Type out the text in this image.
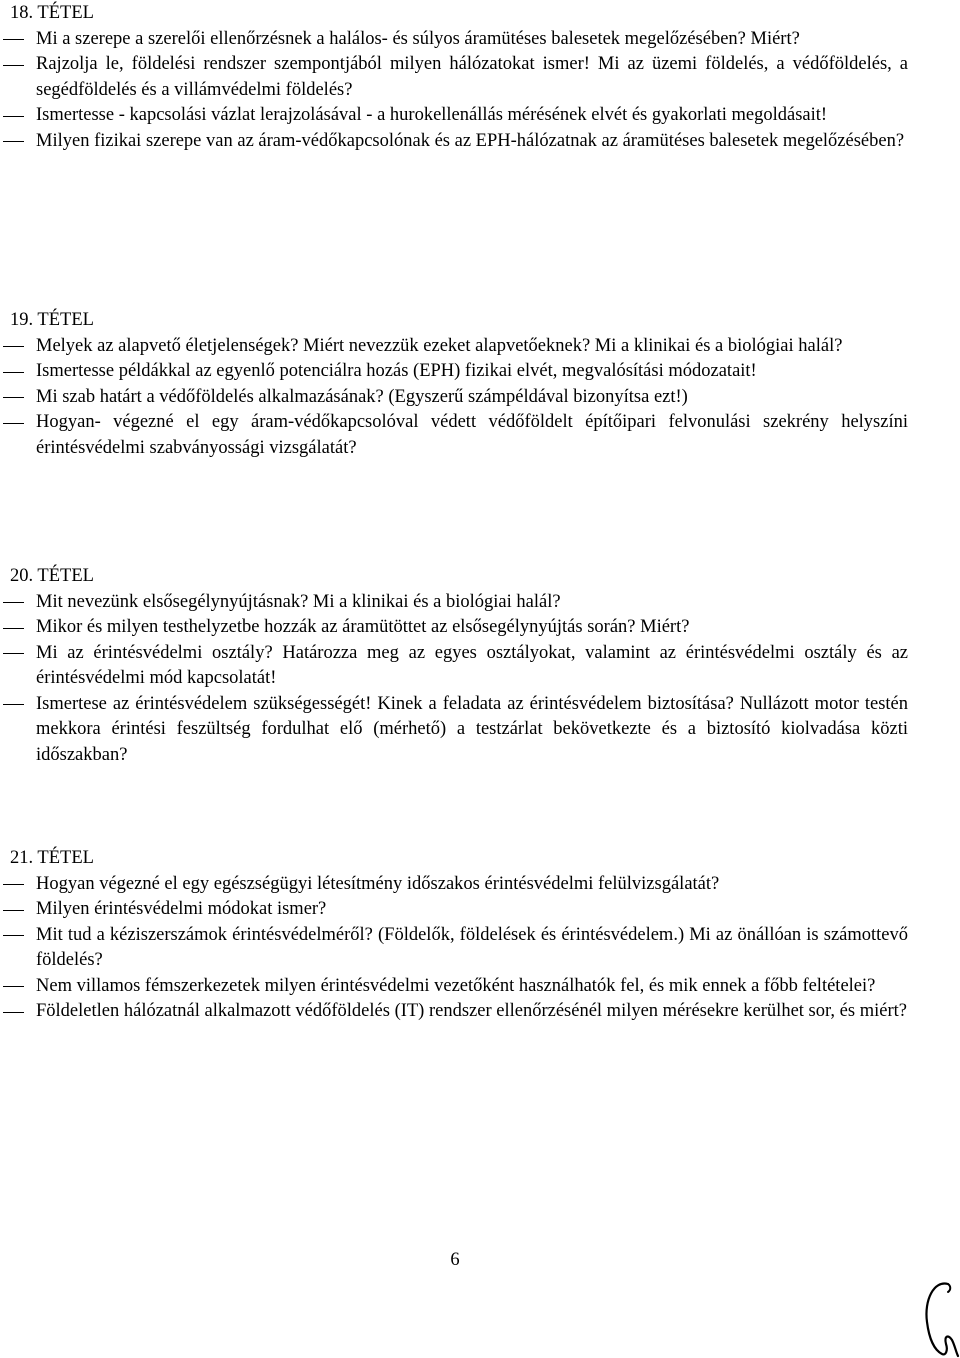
18. TÉTEL
Mi a szerepe a szerelői ellenőrzésnek a halálos- és súlyos áramütéses balesetek megelőzésében? Miért?
Rajzolja le, földelési rendszer szempontjából milyen hálózatokat ismer! Mi az üzemi földelés, a védőföldelés, a segédföldelés és a villámvédelmi földelés?
Ismertesse - kapcsolási vázlat lerajzolásával - a hurokellenállás mérésének elvét és gyakorlati megoldásait!
Milyen fizikai szerepe van az áram-védőkapcsolónak és az EPH-hálózatnak az áramütéses balesetek megelőzésében?
19. TÉTEL
Melyek az alapvető életjelenségek? Miért nevezzük ezeket alapvetőeknek? Mi a klinikai és a biológiai halál?
Ismertesse példákkal az egyenlő potenciálra hozás (EPH) fizikai elvét, megvalósítási módozatait!
Mi szab határt a védőföldelés alkalmazásának? (Egyszerű számpéldával bizonyítsa ezt!)
Hogyan- végezné el egy áram-védőkapcsolóval védett védőföldelt építőipari felvonulási szekrény helyszíni érintésvédelmi szabványossági vizsgálatát?
20. TÉTEL
Mit nevezünk elsősegélynyújtásnak? Mi a klinikai és a biológiai halál?
Mikor és milyen testhelyzetbe hozzák az áramütöttet az elsősegélynyújtás során? Miért?
Mi az érintésvédelmi osztály? Határozza meg az egyes osztályokat, valamint az érintésvédelmi osztály és az érintésvédelmi mód kapcsolatát!
Ismertese az érintésvédelem szükségességét! Kinek a feladata az érintésvédelem biztosítása? Nullázott motor testén mekkora érintési feszültség fordulhat elő (mérhető) a testzárlat bekövetkezte és a biztosító kiolvadása közti időszakban?
21. TÉTEL
Hogyan végezné el egy egészségügyi létesítmény időszakos érintésvédelmi felülvizsgálatát?
Milyen érintésvédelmi módokat ismer?
Mit tud a kéziszerszámok érintésvédelméről? (Földelők, földelések és érintésvédelem.) Mi az önállóan is számottevő földelés?
Nem villamos fémszerkezetek milyen érintésvédelmi vezetőként használhatók fel, és mik ennek a főbb feltételei?
Földeletlen hálózatnál alkalmazott védőföldelés (IT) rendszer ellenőrzésénél milyen mérésekre kerülhet sor, és miért?
6
